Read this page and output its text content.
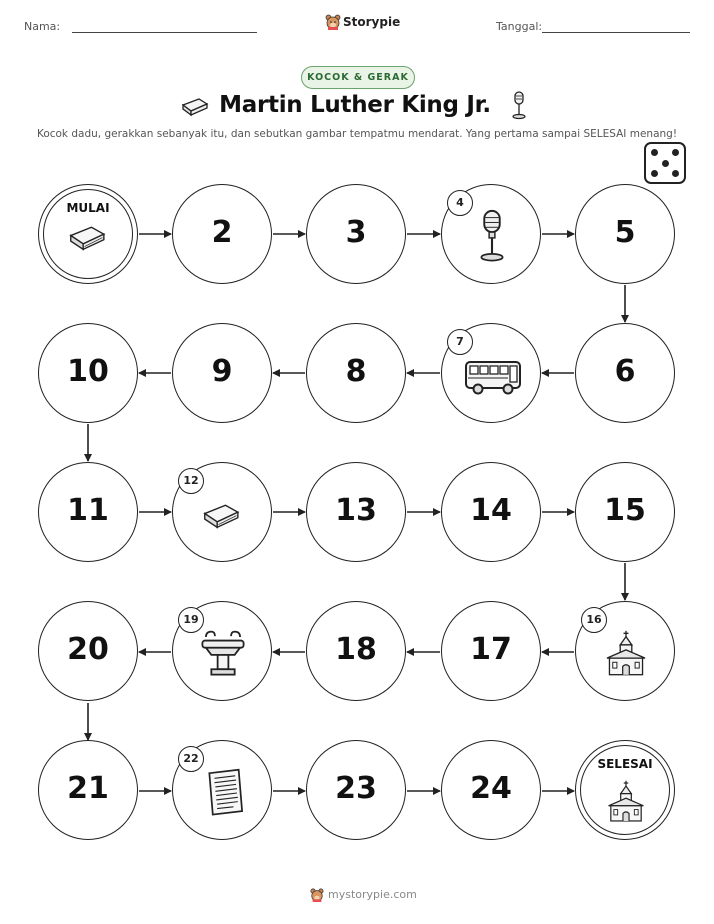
Nama:	Storypie	Tanggal:
KOCOK & GERAK
Martin Luther King Jr.
Kocok dadu, gerakkan sebanyak itu, dan sebutkan gambar tempatmu mendarat. Yang pertama sampai SELESAI menang!
MULAI
2	3
4
5
10	9	8
7
6
11
12
13	14	15
20
19
18	17
16
21
22
23	24
SELESAI
mystorypie.com
